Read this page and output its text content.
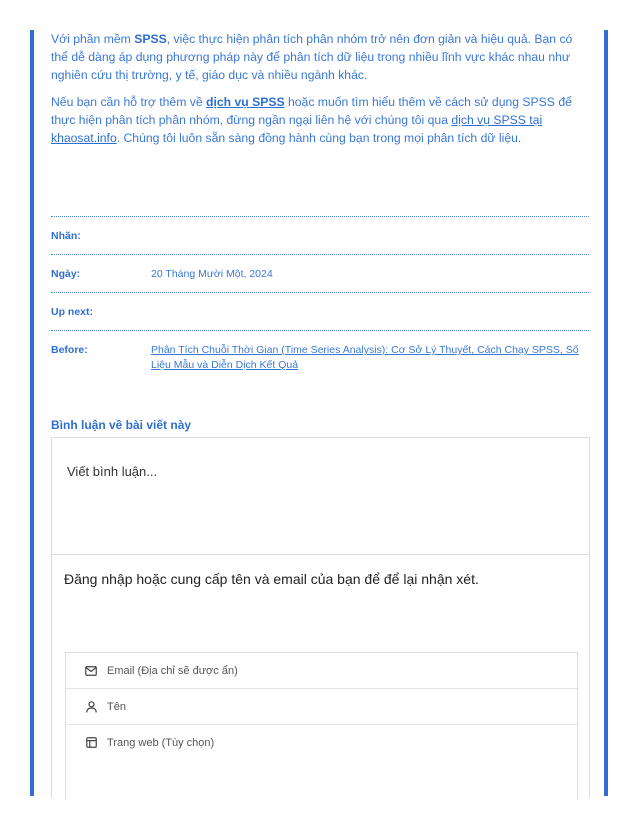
Với phần mềm SPSS, việc thực hiện phân tích phân nhóm trở nên đơn giản và hiệu quả. Bạn có thể dễ dàng áp dụng phương pháp này để phân tích dữ liệu trong nhiều lĩnh vực khác nhau như nghiên cứu thị trường, y tế, giáo dục và nhiều ngành khác.

Nếu bạn cần hỗ trợ thêm về dịch vụ SPSS hoặc muốn tìm hiểu thêm về cách sử dụng SPSS để thực hiện phân tích phân nhóm, đừng ngần ngại liên hệ với chúng tôi qua dịch vụ SPSS tại khaosat.info. Chúng tôi luôn sẵn sàng đồng hành cùng bạn trong mọi phân tích dữ liệu.

Nhãn:
Ngày:	20 Tháng Mười Một, 2024
Up next:
Before:	Phân Tích Chuỗi Thời Gian (Time Series Analysis): Cơ Sở Lý Thuyết, Cách Chạy SPSS, Số Liệu Mẫu và Diễn Dịch Kết Quả
Bình luận về bài viết này
Viết bình luận...
Đăng nhập hoặc cung cấp tên và email của bạn để để lại nhận xét.
Email (Địa chỉ sẽ được ẩn)
Tên
Trang web (Tùy chọn)
